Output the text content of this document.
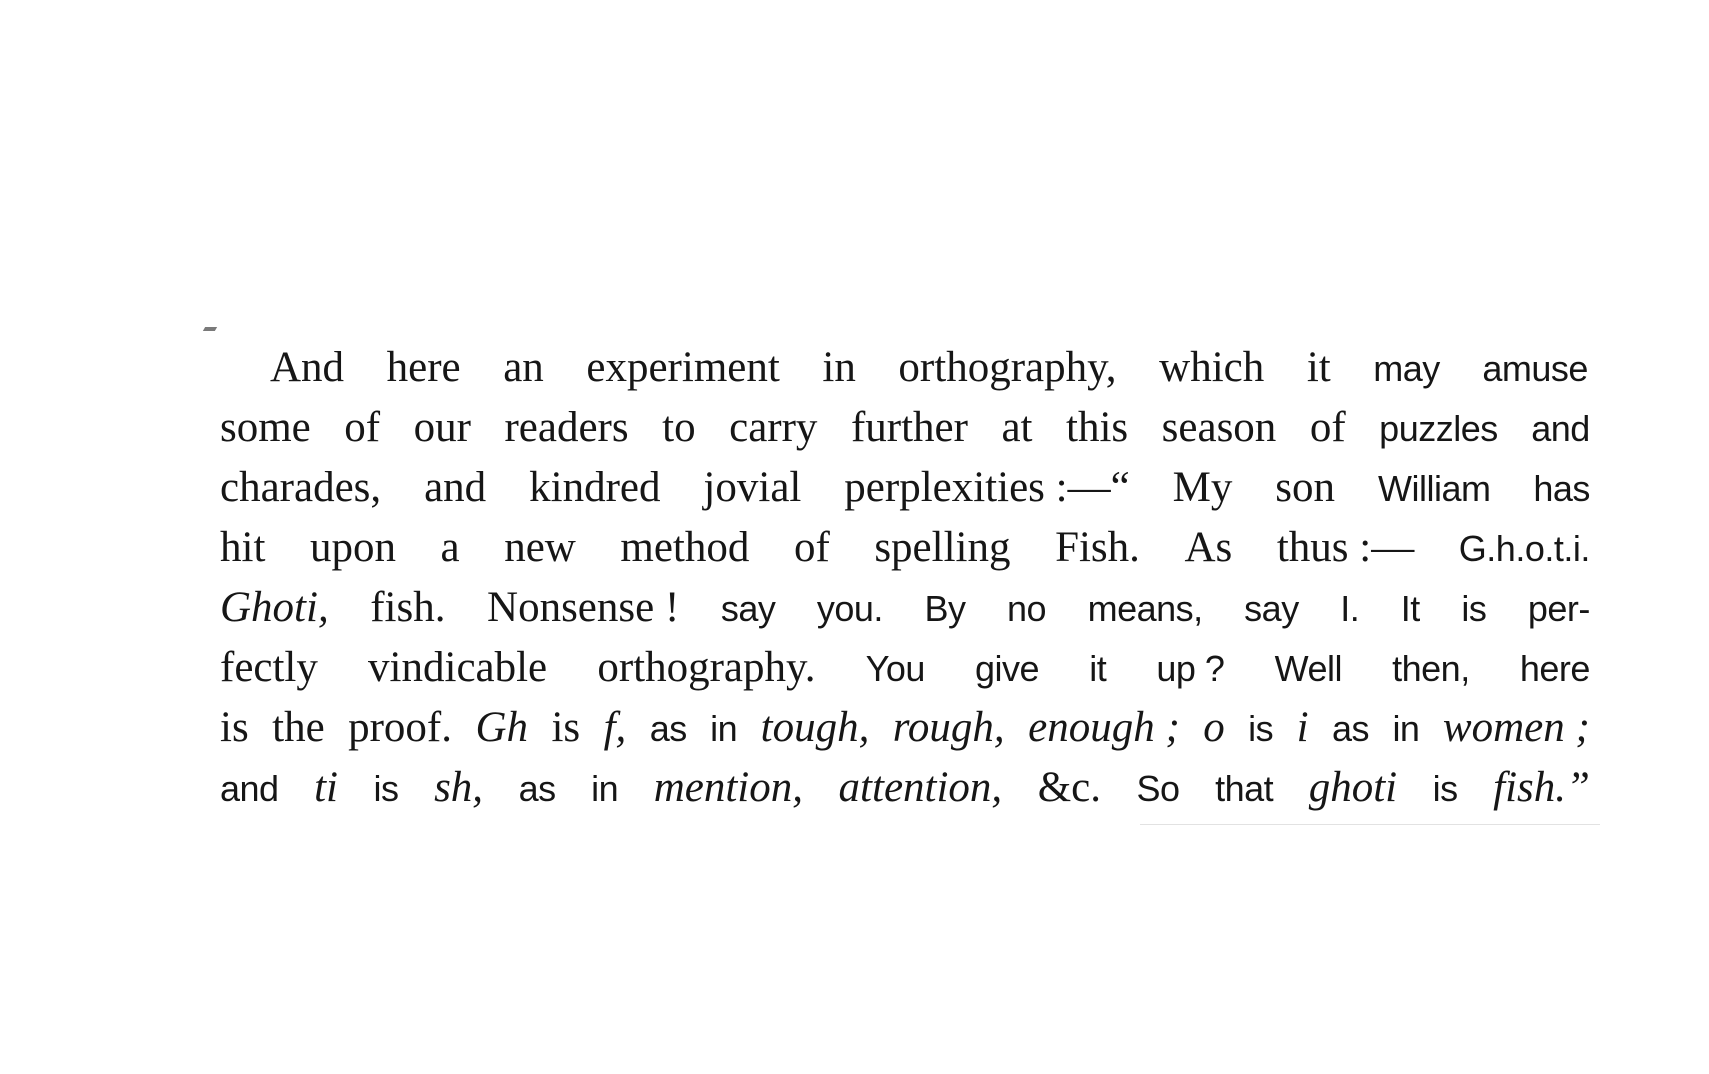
And here an experiment in orthography, which it may amuse
some of our readers to carry further at this season of puzzles and
charades, and kindred jovial perplexities :—“ My son William has
hit upon a new method of spelling Fish. As thus :— G.h.o.t.i.
Ghoti, fish. Nonsense ! say you. By no means, say I. It is per-
fectly vindicable orthography. You give it up ? Well then, here
is the proof. Gh is f, as in tough, rough, enough ; o is i as in women ;
and ti is sh, as in mention, attention, &c. So that ghoti is fish.”
